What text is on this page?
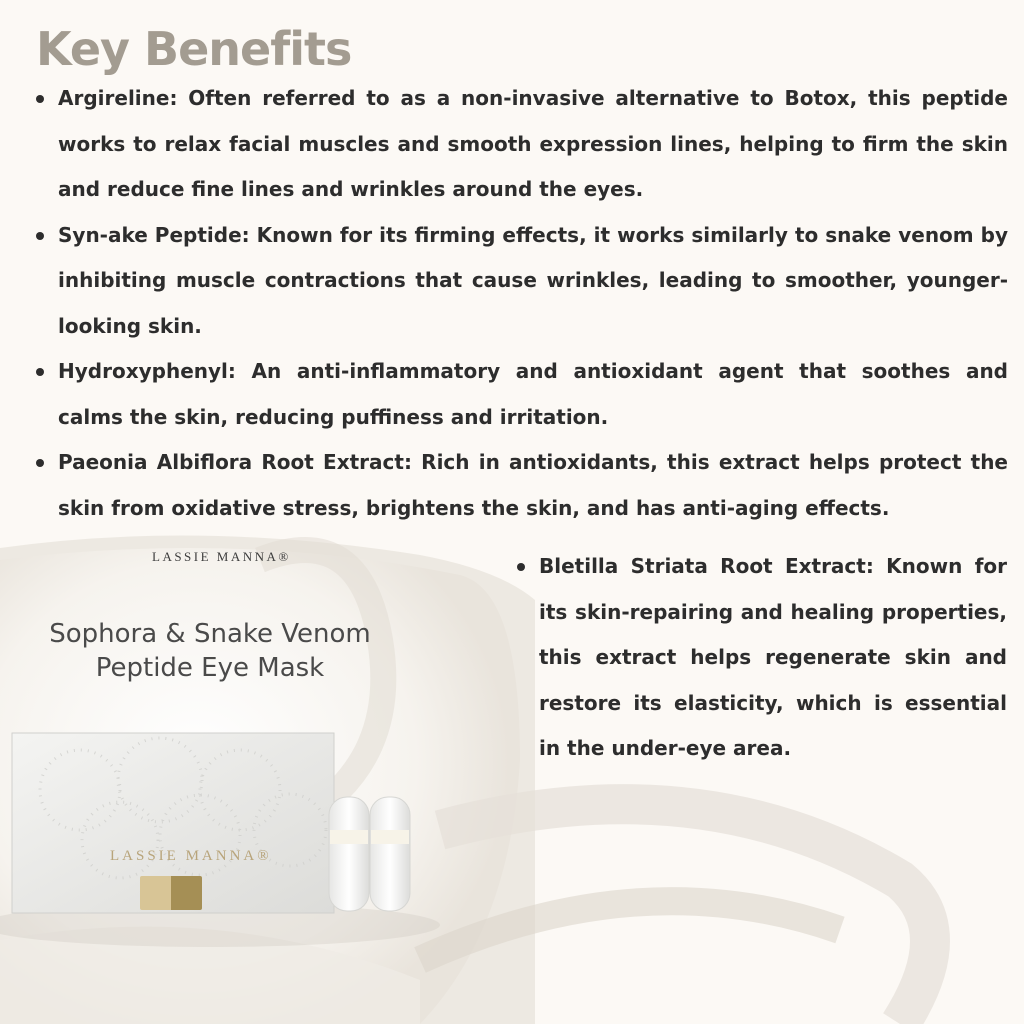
LASSIE MANNA®
Sophora & Snake Venom
Peptide Eye Mask
LASSIE MANNA®
Key Benefits
Argireline: Often referred to as a non-invasive alternative to Botox, this peptide works to relax facial muscles and smooth expression lines, helping to firm the skin and reduce fine lines and wrinkles around the eyes.
Syn-ake Peptide: Known for its firming effects, it works similarly to snake venom by inhibiting muscle contractions that cause wrinkles, leading to smoother, younger-looking skin.
Hydroxyphenyl: An anti-inflammatory and antioxidant agent that soothes and calms the skin, reducing puffiness and irritation.
Paeonia Albiflora Root Extract: Rich in antioxidants, this extract helps protect the skin from oxidative stress, brightens the skin, and has anti-aging effects.
Bletilla Striata Root Extract: Known for its skin-repairing and healing properties, this extract helps regenerate skin and restore its elasticity, which is essential in the under-eye area.
